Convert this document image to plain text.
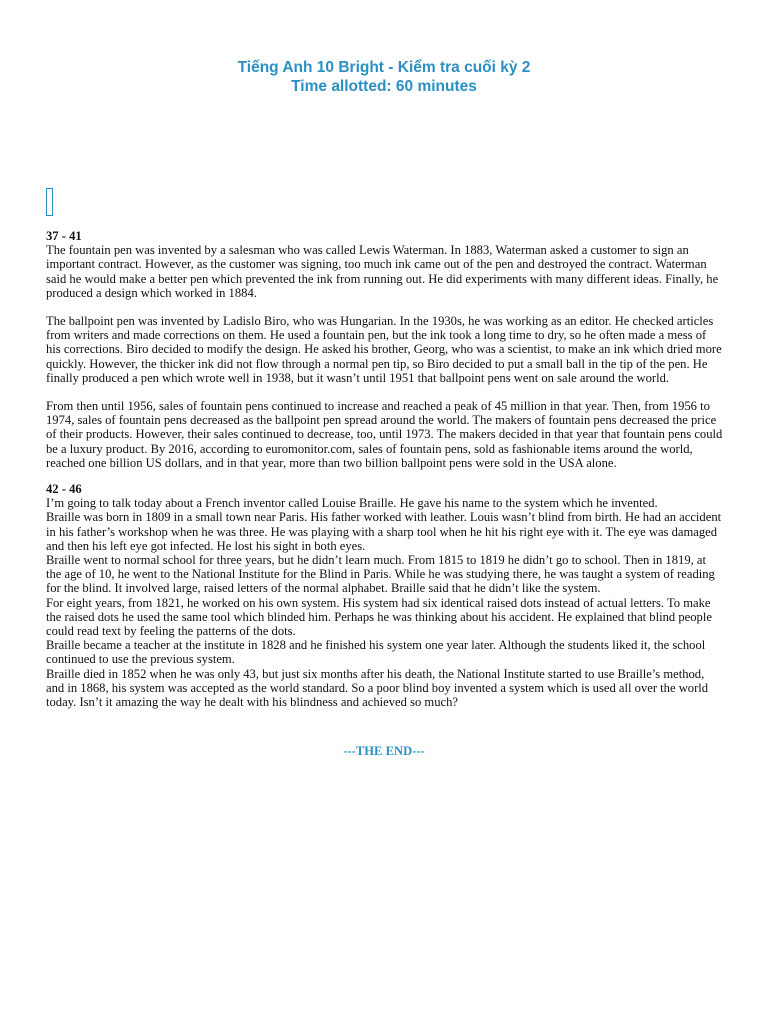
Tiếng Anh 10 Bright - Kiểm tra cuối kỳ 2
Time allotted: 60 minutes

37 - 41

The fountain pen was invented by a salesman who was called Lewis Waterman. In 1883, Waterman asked a customer to sign an important contract. However, as the customer was signing, too much ink came out of the pen and destroyed the contract. Waterman said he would make a better pen which prevented the ink from running out. He did experiments with many different ideas. Finally, he produced a design which worked in 1884.

The ballpoint pen was invented by Ladislo Biro, who was Hungarian. In the 1930s, he was working as an editor. He checked articles from writers and made corrections on them. He used a fountain pen, but the ink took a long time to dry, so he often made a mess of his corrections. Biro decided to modify the design. He asked his brother, Georg, who was a scientist, to make an ink which dried more quickly. However, the thicker ink did not flow through a normal pen tip, so Biro decided to put a small ball in the tip of the pen. He finally produced a pen which wrote well in 1938, but it wasn’t until 1951 that ballpoint pens went on sale around the world.

From then until 1956, sales of fountain pens continued to increase and reached a peak of 45 million in that year. Then, from 1956 to 1974, sales of fountain pens decreased as the ballpoint pen spread around the world. The makers of fountain pens decreased the price of their products. However, their sales continued to decrease, too, until 1973. The makers decided in that year that fountain pens could be a luxury product. By 2016, according to euromonitor.com, sales of fountain pens, sold as fashionable items around the world, reached one billion US dollars, and in that year, more than two billion ballpoint pens were sold in the USA alone.

42 - 46

I’m going to talk today about a French inventor called Louise Braille. He gave his name to the system which he invented.

Braille was born in 1809 in a small town near Paris. His father worked with leather. Louis wasn’t blind from birth. He had an accident in his father’s workshop when he was three. He was playing with a sharp tool when he hit his right eye with it. The eye was damaged and then his left eye got infected. He lost his sight in both eyes.

Braille went to normal school for three years, but he didn’t learn much. From 1815 to 1819 he didn’t go to school. Then in 1819, at the age of 10, he went to the National Institute for the Blind in Paris. While he was studying there, he was taught a system of reading for the blind. It involved large, raised letters of the normal alphabet. Braille said that he didn’t like the system.

For eight years, from 1821, he worked on his own system. His system had six identical raised dots instead of actual letters. To make the raised dots he used the same tool which blinded him. Perhaps he was thinking about his accident. He explained that blind people could read text by feeling the patterns of the dots.

Braille became a teacher at the institute in 1828 and he finished his system one year later. Although the students liked it, the school continued to use the previous system.

Braille died in 1852 when he was only 43, but just six months after his death, the National Institute started to use Braille’s method, and in 1868, his system was accepted as the world standard. So a poor blind boy invented a system which is used all over the world today. Isn’t it amazing the way he dealt with his blindness and achieved so much?

---THE END---
